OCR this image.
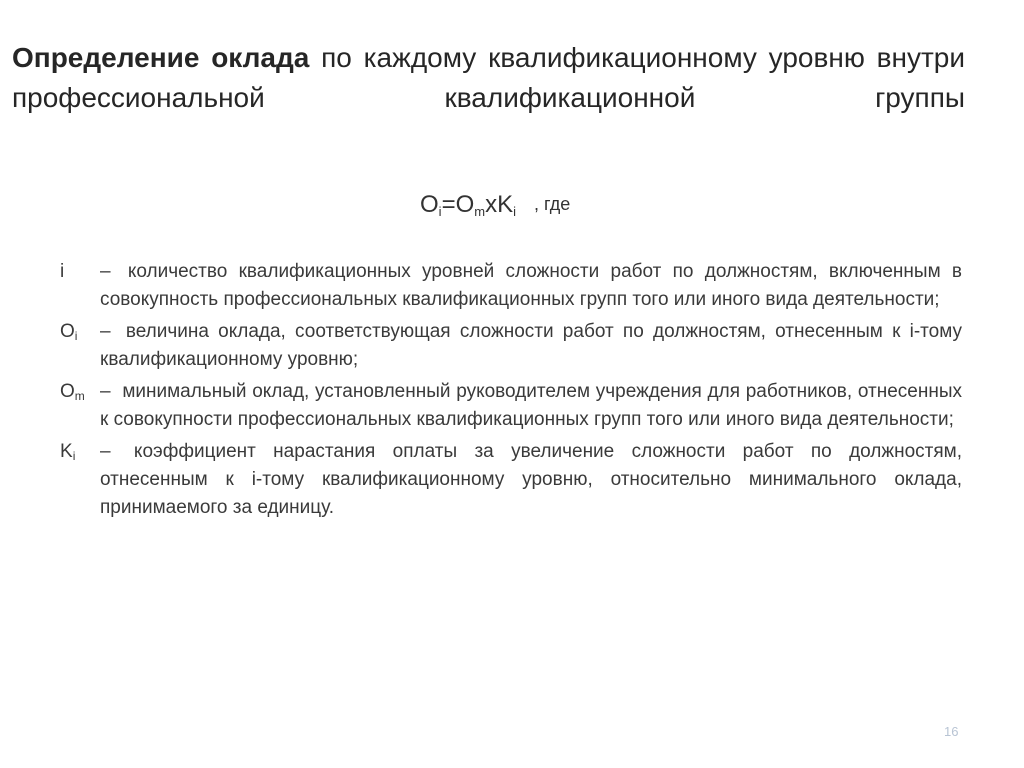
Определение оклада по каждому квалификационному уровню внутри профессиональной квалификационной группы
$O_i=O_mxK_i$ , где
i – количество квалификационных уровней сложности работ по должностям, включенным в совокупность профессиональных квалификационных групп того или иного вида деятельности;
$O_i$ – величина оклада, соответствующая сложности работ по должностям, отнесенным к i-тому квалификационному уровню;
$O_m$ – минимальный оклад, установленный руководителем учреждения для работников, отнесенных к совокупности профессиональных квалификационных групп того или иного вида деятельности;
$K_i$ – коэффициент нарастания оплаты за увеличение сложности работ по должностям, отнесенным к i-тому квалификационному уровню, относительно минимального оклада, принимаемого за единицу.
16
